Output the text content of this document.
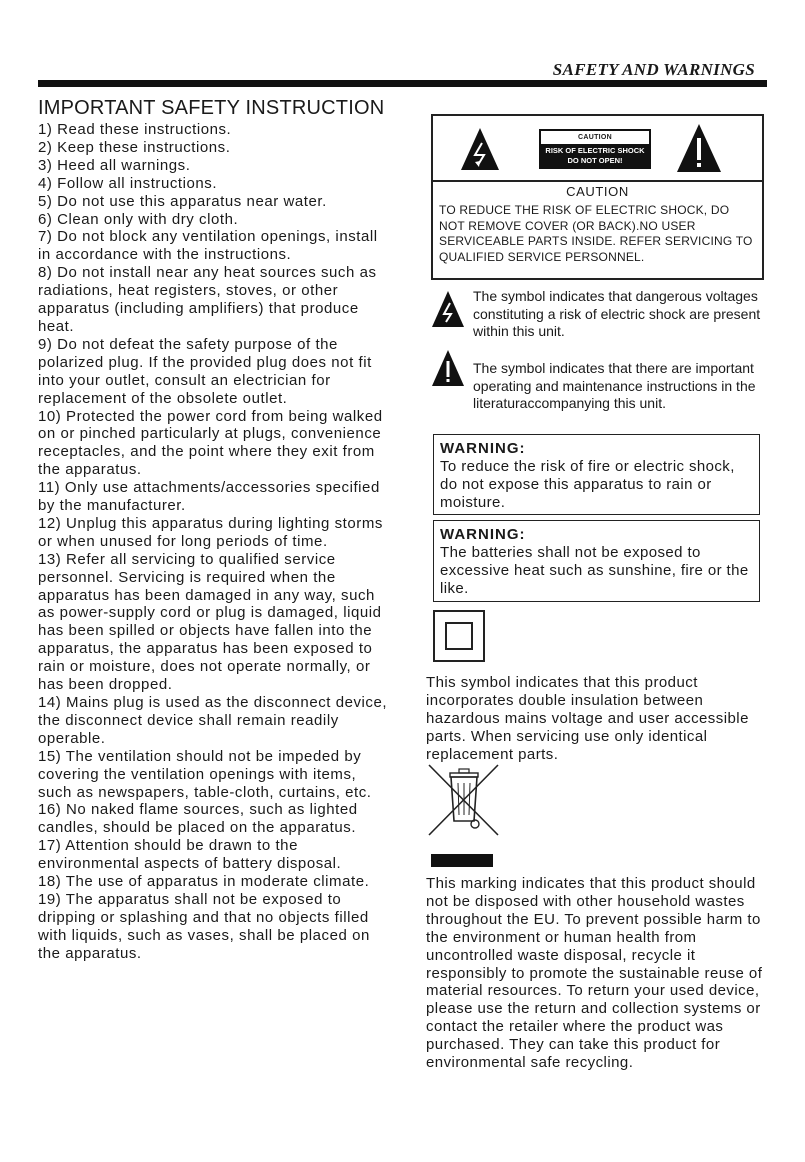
SAFETY AND WARNINGS
IMPORTANT SAFETY INSTRUCTION

1) Read these instructions.

2) Keep these instructions.

3) Heed all warnings.

4) Follow all instructions.

5) Do not use this apparatus near water.

6) Clean only with dry cloth.

7) Do not block any ventilation openings, install in accordance with the instructions.

8) Do not install near any heat sources such as radiations, heat registers, stoves, or other apparatus (including amplifiers) that produce heat.

9) Do not defeat the safety purpose of the polarized plug. If the provided plug does not fit into your outlet, consult an electrician for replacement of the obsolete outlet.

10) Protected the power cord from being walked on or pinched particularly at plugs, convenience receptacles, and the point where they exit from the apparatus.

11) Only use attachments/accessories specified by the manufacturer.

12) Unplug this apparatus during lighting storms or when unused for long periods of time.

13) Refer all servicing to qualified service personnel. Servicing is required when the apparatus has been damaged in any way, such as power-supply cord or plug is damaged, liquid has been spilled or objects have fallen into the apparatus, the apparatus has been exposed to rain or moisture, does not operate normally, or has been dropped.

14) Mains plug is used as the disconnect device, the disconnect device shall remain readily operable.

15) The ventilation should not be impeded by covering the ventilation openings with items, such as newspapers, table-cloth, curtains, etc.

16) No naked flame sources, such as lighted candles, should be placed on the apparatus.

17) Attention should be drawn to the environmental aspects of battery disposal.

18) The use of apparatus in moderate climate.

19) The apparatus shall not be exposed to dripping or splashing and that no objects filled with liquids, such as vases, shall be placed on the apparatus.

CAUTION
RISK OF ELECTRIC SHOCK
DO NOT OPEN!
CAUTION
TO REDUCE THE RISK OF ELECTRIC SHOCK, DO NOT REMOVE COVER (OR BACK).NO USER SERVICEABLE PARTS INSIDE. REFER SERVICING TO QUALIFIED SERVICE PERSONNEL.
The symbol indicates that dangerous voltages constituting a risk of electric shock are present within this unit.
The symbol indicates that there are important operating and maintenance instructions in the literaturaccompanying this unit.
WARNING:
To reduce the risk of fire or electric shock, do not expose this apparatus to rain or moisture.
WARNING:
The batteries shall not be exposed to excessive heat such as sunshine, fire or the like.
This symbol indicates that this product incorporates double insulation between hazardous mains voltage and user accessible parts. When servicing use only identical replacement parts.
This marking indicates that this product should not be disposed with other household wastes throughout the EU. To prevent possible harm to the environment or human health from uncontrolled waste disposal, recycle it responsibly to promote the sustainable reuse of material resources. To return your used device, please use the return and collection systems or contact the retailer where the product was purchased. They can take this product for environmental safe recycling.
